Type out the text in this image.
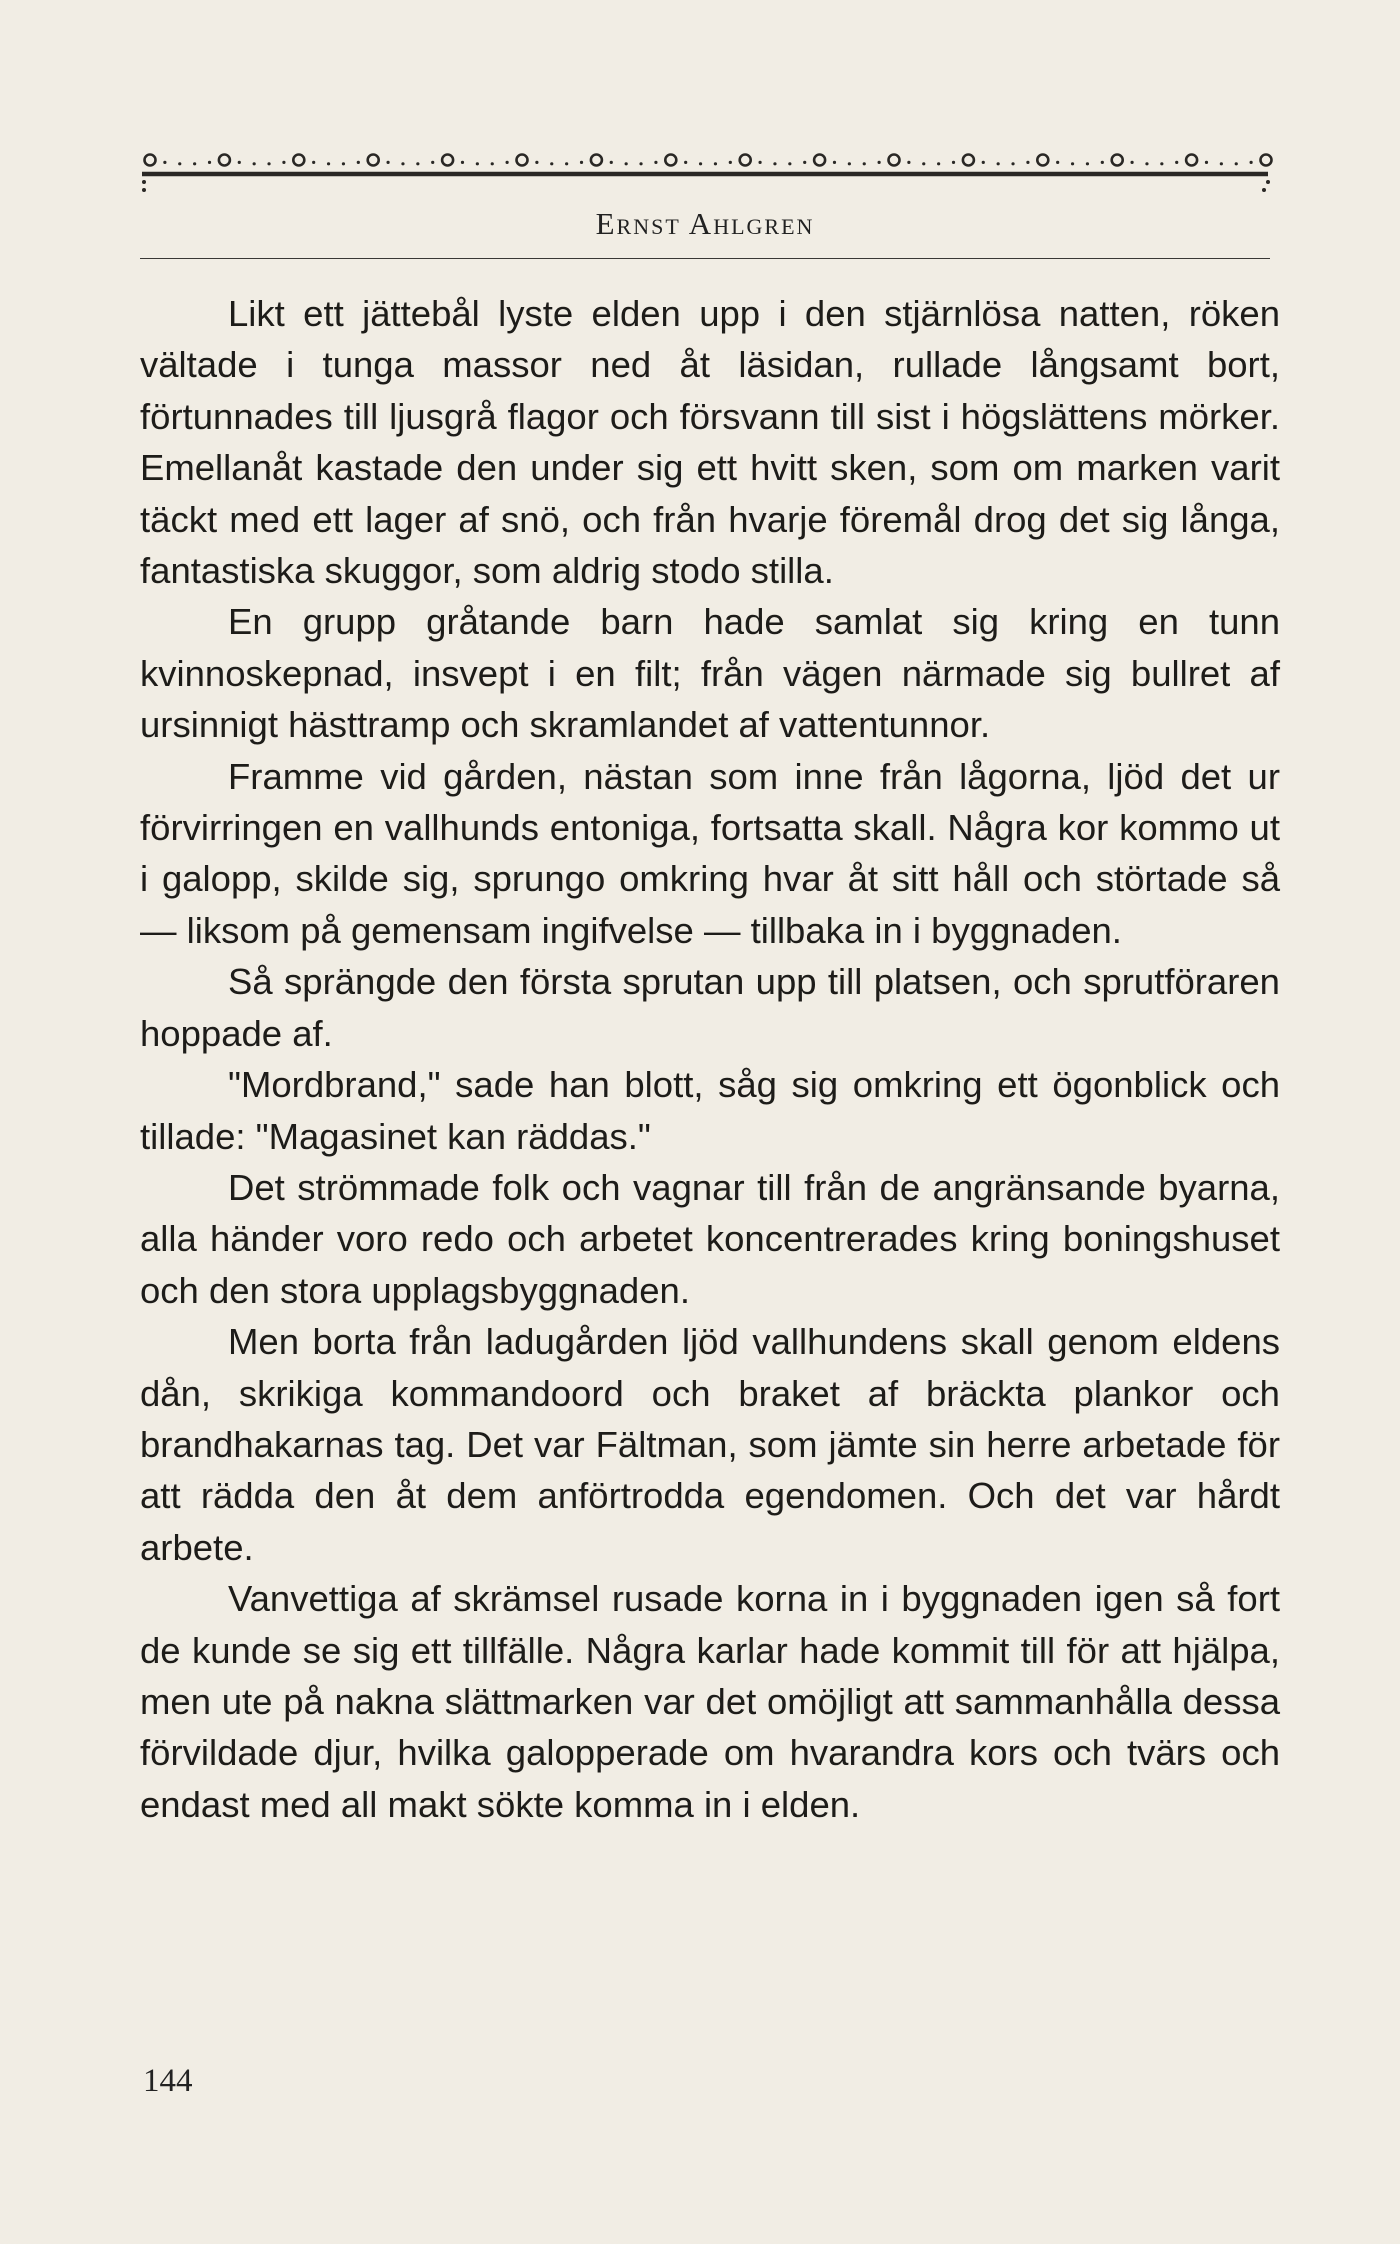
Ernst Ahlgren

Likt ett jättebål lyste elden upp i den stjärnlösa natten, röken vältade i tunga massor ned åt läsidan, rullade långsamt bort, förtunnades till ljusgrå flagor och försvann till sist i högslättens mörker. Emellanåt kastade den under sig ett hvitt sken, som om marken varit täckt med ett lager af snö, och från hvarje föremål drog det sig långa, fantastiska skuggor, som aldrig stodo stilla.

En grupp gråtande barn hade samlat sig kring en tunn kvinnoskepnad, insvept i en filt; från vägen närmade sig bullret af ursinnigt hästtramp och skramlandet af vattentunnor.

Framme vid gården, nästan som inne från lågorna, ljöd det ur förvirringen en vallhunds entoniga, fortsatta skall. Några kor kommo ut i galopp, skilde sig, sprungo omkring hvar åt sitt håll och störtade så — liksom på gemensam ingifvelse — tillbaka in i byggnaden.

Så sprängde den första sprutan upp till platsen, och sprutföraren hoppade af.

"Mordbrand," sade han blott, såg sig omkring ett ögonblick och tillade: "Magasinet kan räddas."

Det strömmade folk och vagnar till från de angränsande byarna, alla händer voro redo och arbetet koncentrerades kring boningshuset och den stora upplagsbyggnaden.

Men borta från ladugården ljöd vallhundens skall genom eldens dån, skrikiga kommandoord och braket af bräckta plankor och brandhakarnas tag. Det var Fältman, som jämte sin herre arbetade för att rädda den åt dem anförtrodda egendomen. Och det var hårdt arbete.

Vanvettiga af skrämsel rusade korna in i byggnaden igen så fort de kunde se sig ett tillfälle. Några karlar hade kommit till för att hjälpa, men ute på nakna slättmarken var det omöjligt att sammanhålla dessa förvildade djur, hvilka galopperade om hvarandra kors och tvärs och endast med all makt sökte komma in i elden.

144
